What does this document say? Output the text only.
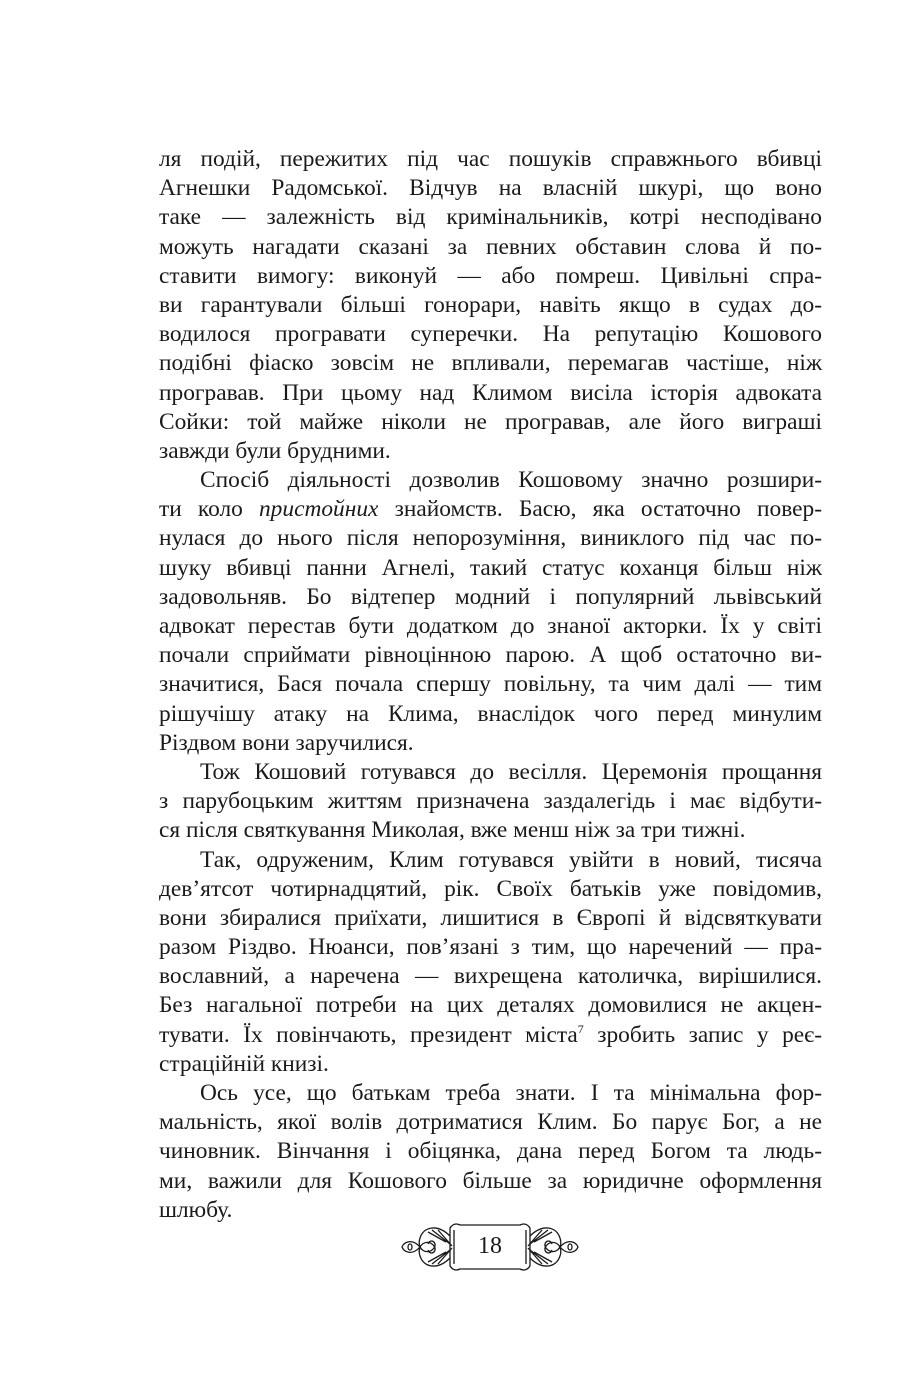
ля подій, пережитих під час пошуків справжнього вбивці
Агнешки Радомської. Відчув на власній шкурі, що воно
таке — залежність від кримінальників, котрі несподівано
можуть нагадати сказані за певних обставин слова й по-
ставити вимогу: виконуй — або помреш. Цивільні спра-
ви гарантували більші гонорари, навіть якщо в судах до-
водилося програвати суперечки. На репутацію Кошового
подібні фіаско зовсім не впливали, перемагав частіше, ніж
програвав. При цьому над Климом висіла історія адвоката
Сойки: той майже ніколи не програвав, але його виграші
завжди були брудними.
Спосіб діяльності дозволив Кошовому значно розшири-
ти коло пристойних знайомств. Басю, яка остаточно повер-
нулася до нього після непорозуміння, виниклого під час по-
шуку вбивці панни Агнелі, такий статус коханця більш ніж
задовольняв. Бо відтепер модний і популярний львівський
адвокат перестав бути додатком до знаної акторки. Їх у світі
почали сприймати рівноцінною парою. А щоб остаточно ви-
значитися, Бася почала спершу повільну, та чим далі — тим
рішучішу атаку на Клима, внаслідок чого перед минулим
Різдвом вони заручилися.
Тож Кошовий готувався до весілля. Церемонія прощання
з парубоцьким життям призначена заздалегідь і має відбути-
ся після святкування Миколая, вже менш ніж за три тижні.
Так, одруженим, Клим готувався увійти в новий, тисяча
дев’ятсот чотирнадцятий, рік. Своїх батьків уже повідомив,
вони збиралися приїхати, лишитися в Європі й відсвяткувати
разом Різдво. Нюанси, пов’язані з тим, що наречений — пра-
вославний, а наречена — вихрещена католичка, вирішилися.
Без нагальної потреби на цих деталях домовилися не акцен-
тувати. Їх повінчають, президент міста$^7$ зробить запис у реє-
страційній книзі.
Ось усе, що батькам треба знати. І та мінімальна фор-
мальність, якої волів дотриматися Клим. Бо парує Бог, а не
чиновник. Вінчання і обіцянка, дана перед Богом та людь-
ми, важили для Кошового більше за юридичне оформлення
шлюбу.
18
